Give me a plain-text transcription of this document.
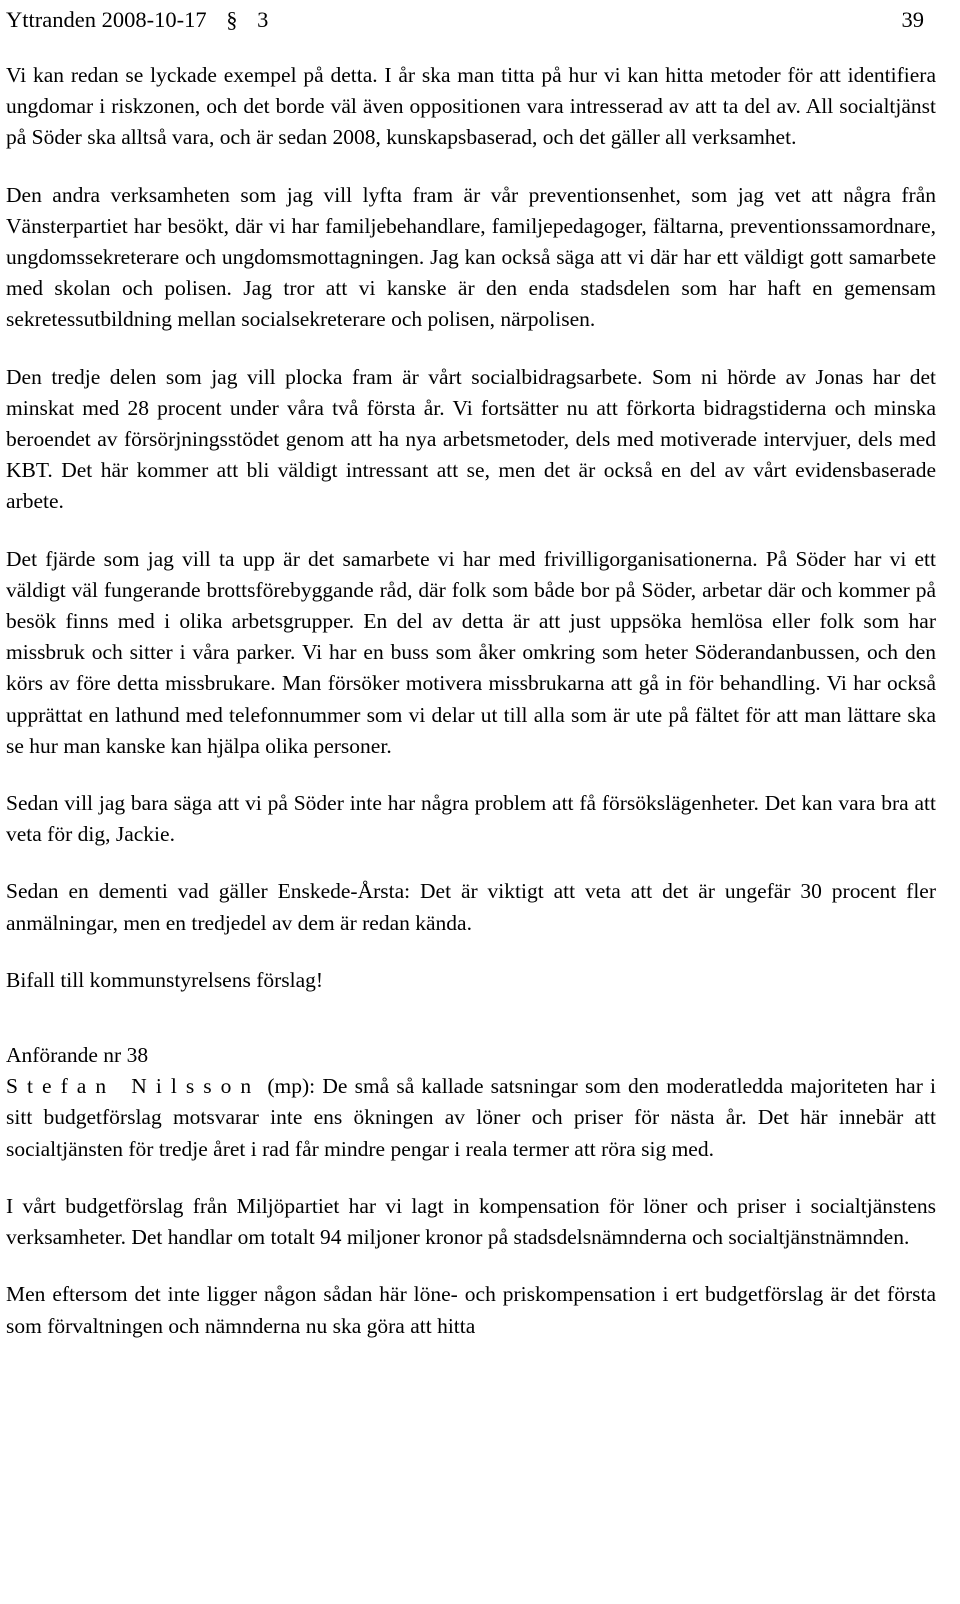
Yttranden 2008-10-17 § 3	39

Vi kan redan se lyckade exempel på detta. I år ska man titta på hur vi kan hitta metoder för att identifiera ungdomar i riskzonen, och det borde väl även oppositionen vara intresserad av att ta del av. All socialtjänst på Söder ska alltså vara, och är sedan 2008, kunskapsbaserad, och det gäller all verksamhet.

Den andra verksamheten som jag vill lyfta fram är vår preventionsenhet, som jag vet att några från Vänsterpartiet har besökt, där vi har familjebehandlare, familjepedagoger, fältarna, preventionssamordnare, ungdomssekreterare och ungdomsmottagningen. Jag kan också säga att vi där har ett väldigt gott samarbete med skolan och polisen. Jag tror att vi kanske är den enda stadsdelen som har haft en gemensam sekretessutbildning mellan socialsekreterare och polisen, närpolisen.

Den tredje delen som jag vill plocka fram är vårt socialbidragsarbete. Som ni hörde av Jonas har det minskat med 28 procent under våra två första år. Vi fortsätter nu att förkorta bidragstiderna och minska beroendet av försörjningsstödet genom att ha nya arbetsmetoder, dels med motiverade intervjuer, dels med KBT. Det här kommer att bli väldigt intressant att se, men det är också en del av vårt evidensbaserade arbete.

Det fjärde som jag vill ta upp är det samarbete vi har med frivilligorganisationerna. På Söder har vi ett väldigt väl fungerande brottsförebyggande råd, där folk som både bor på Söder, arbetar där och kommer på besök finns med i olika arbetsgrupper. En del av detta är att just uppsöka hemlösa eller folk som har missbruk och sitter i våra parker. Vi har en buss som åker omkring som heter Söderandanbussen, och den körs av före detta missbrukare. Man försöker motivera missbrukarna att gå in för behandling. Vi har också upprättat en lathund med telefonnummer som vi delar ut till alla som är ute på fältet för att man lättare ska se hur man kanske kan hjälpa olika personer.

Sedan vill jag bara säga att vi på Söder inte har några problem att få försökslägenheter. Det kan vara bra att veta för dig, Jackie.

Sedan en dementi vad gäller Enskede-Årsta: Det är viktigt att veta att det är ungefär 30 procent fler anmälningar, men en tredjedel av dem är redan kända.

Bifall till kommunstyrelsens förslag!

Anförande nr 38

Stefan Nilsson (mp): De små så kallade satsningar som den moderatledda majoriteten har i sitt budgetförslag motsvarar inte ens ökningen av löner och priser för nästa år. Det här innebär att socialtjänsten för tredje året i rad får mindre pengar i reala termer att röra sig med.

I vårt budgetförslag från Miljöpartiet har vi lagt in kompensation för löner och priser i socialtjänstens verksamheter. Det handlar om totalt 94 miljoner kronor på stadsdelsnämnderna och socialtjänstnämnden.

Men eftersom det inte ligger någon sådan här löne- och priskompensation i ert budgetförslag är det första som förvaltningen och nämnderna nu ska göra att hitta
